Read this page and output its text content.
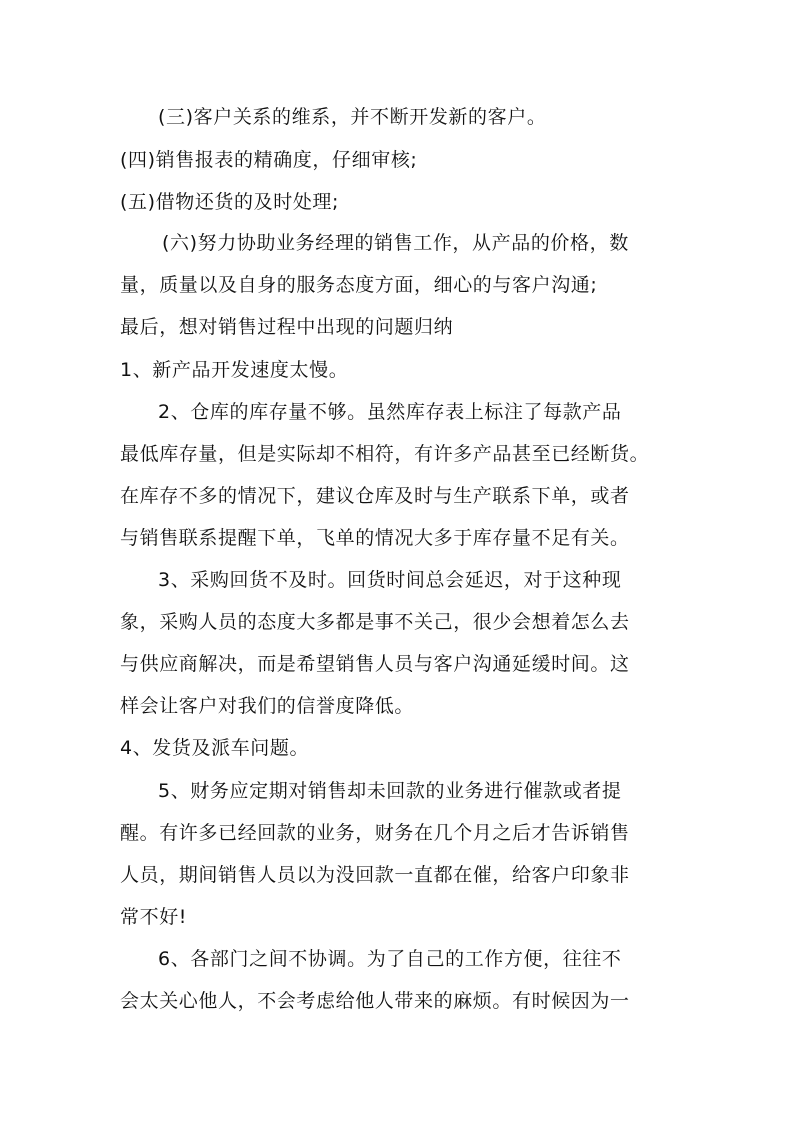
(三)客户关系的维系，并不断开发新的客户。

(四)销售报表的精确度，仔细审核;

(五)借物还货的及时处理;

(六)努力协助业务经理的销售工作，从产品的价格，数

量，质量以及自身的服务态度方面，细心的与客户沟通;

最后，想对销售过程中出现的问题归纳

1、新产品开发速度太慢。

2、仓库的库存量不够。虽然库存表上标注了每款产品

最低库存量，但是实际却不相符，有许多产品甚至已经断货。

在库存不多的情况下，建议仓库及时与生产联系下单，或者

与销售联系提醒下单，飞单的情况大多于库存量不足有关。

3、采购回货不及时。回货时间总会延迟，对于这种现

象，采购人员的态度大多都是事不关己，很少会想着怎么去

与供应商解决，而是希望销售人员与客户沟通延缓时间。这

样会让客户对我们的信誉度降低。

4、发货及派车问题。

5、财务应定期对销售却未回款的业务进行催款或者提

醒。有许多已经回款的业务，财务在几个月之后才告诉销售

人员，期间销售人员以为没回款一直都在催，给客户印象非

常不好!

6、各部门之间不协调。为了自己的工作方便，往往不

会太关心他人，不会考虑给他人带来的麻烦。有时候因为一
